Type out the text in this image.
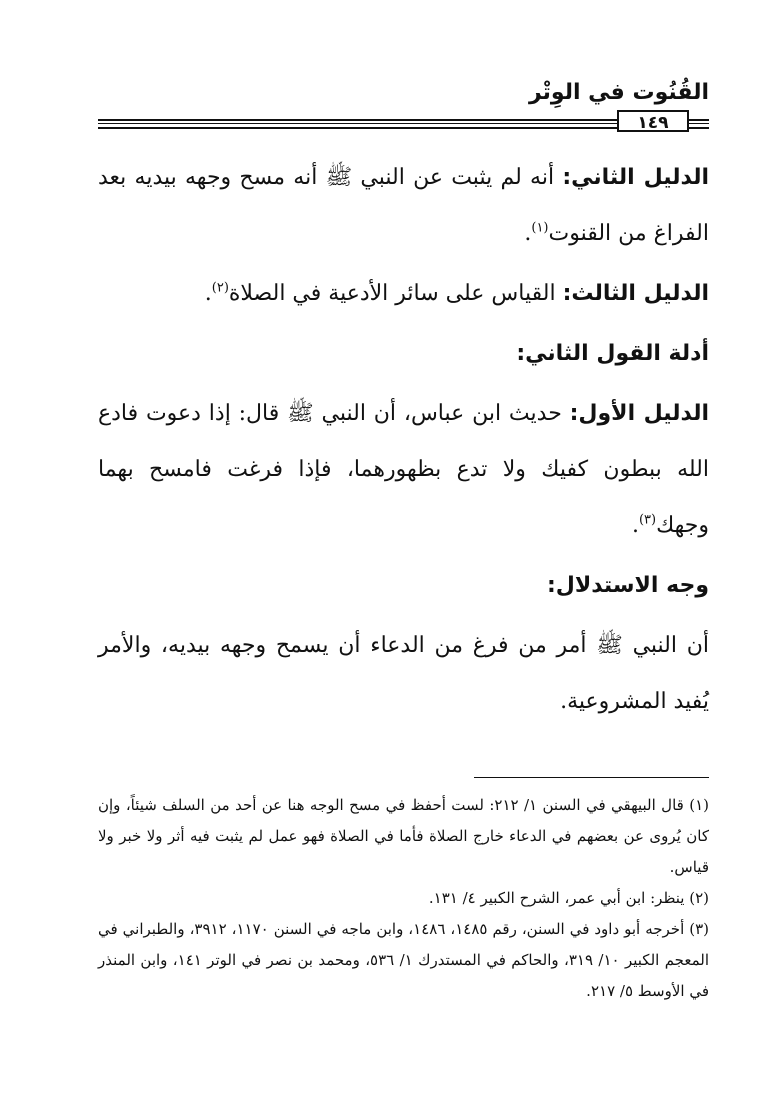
القُنُوت في الوِتْر
١٤٩

الدليل الثاني: أنه لم يثبت عن النبي ﷺ أنه مسح وجهه بيديه بعد الفراغ من القنوت$^{(١)}$.

الدليل الثالث: القياس على سائر الأدعية في الصلاة$^{(٢)}$.

أدلة القول الثاني:

الدليل الأول: حديث ابن عباس، أن النبي ﷺ قال: إذا دعوت فادع الله ببطون كفيك ولا تدع بظهورهما، فإذا فرغت فامسح بهما وجهك$^{(٣)}$.

وجه الاستدلال:

أن النبي ﷺ أمر من فرغ من الدعاء أن يسمح وجهه بيديه، والأمر يُفيد المشروعية.

(١) قال البيهقي في السنن ١/ ٢١٢: لست أحفظ في مسح الوجه هنا عن أحد من السلف شيئاً، وإن كان يُروى عن بعضهم في الدعاء خارج الصلاة فأما في الصلاة فهو عمل لم يثبت فيه أثر ولا خبر ولا قياس.

(٢) ينظر: ابن أبي عمر، الشرح الكبير ٤/ ١٣١.

(٣) أخرجه أبو داود في السنن، رقم ١٤٨٥، ١٤٨٦، وابن ماجه في السنن ١١٧٠، ٣٩١٢، والطبراني في المعجم الكبير ١٠/ ٣١٩، والحاكم في المستدرك ١/ ٥٣٦، ومحمد بن نصر في الوتر ١٤١، وابن المنذر في الأوسط ٥/ ٢١٧.
